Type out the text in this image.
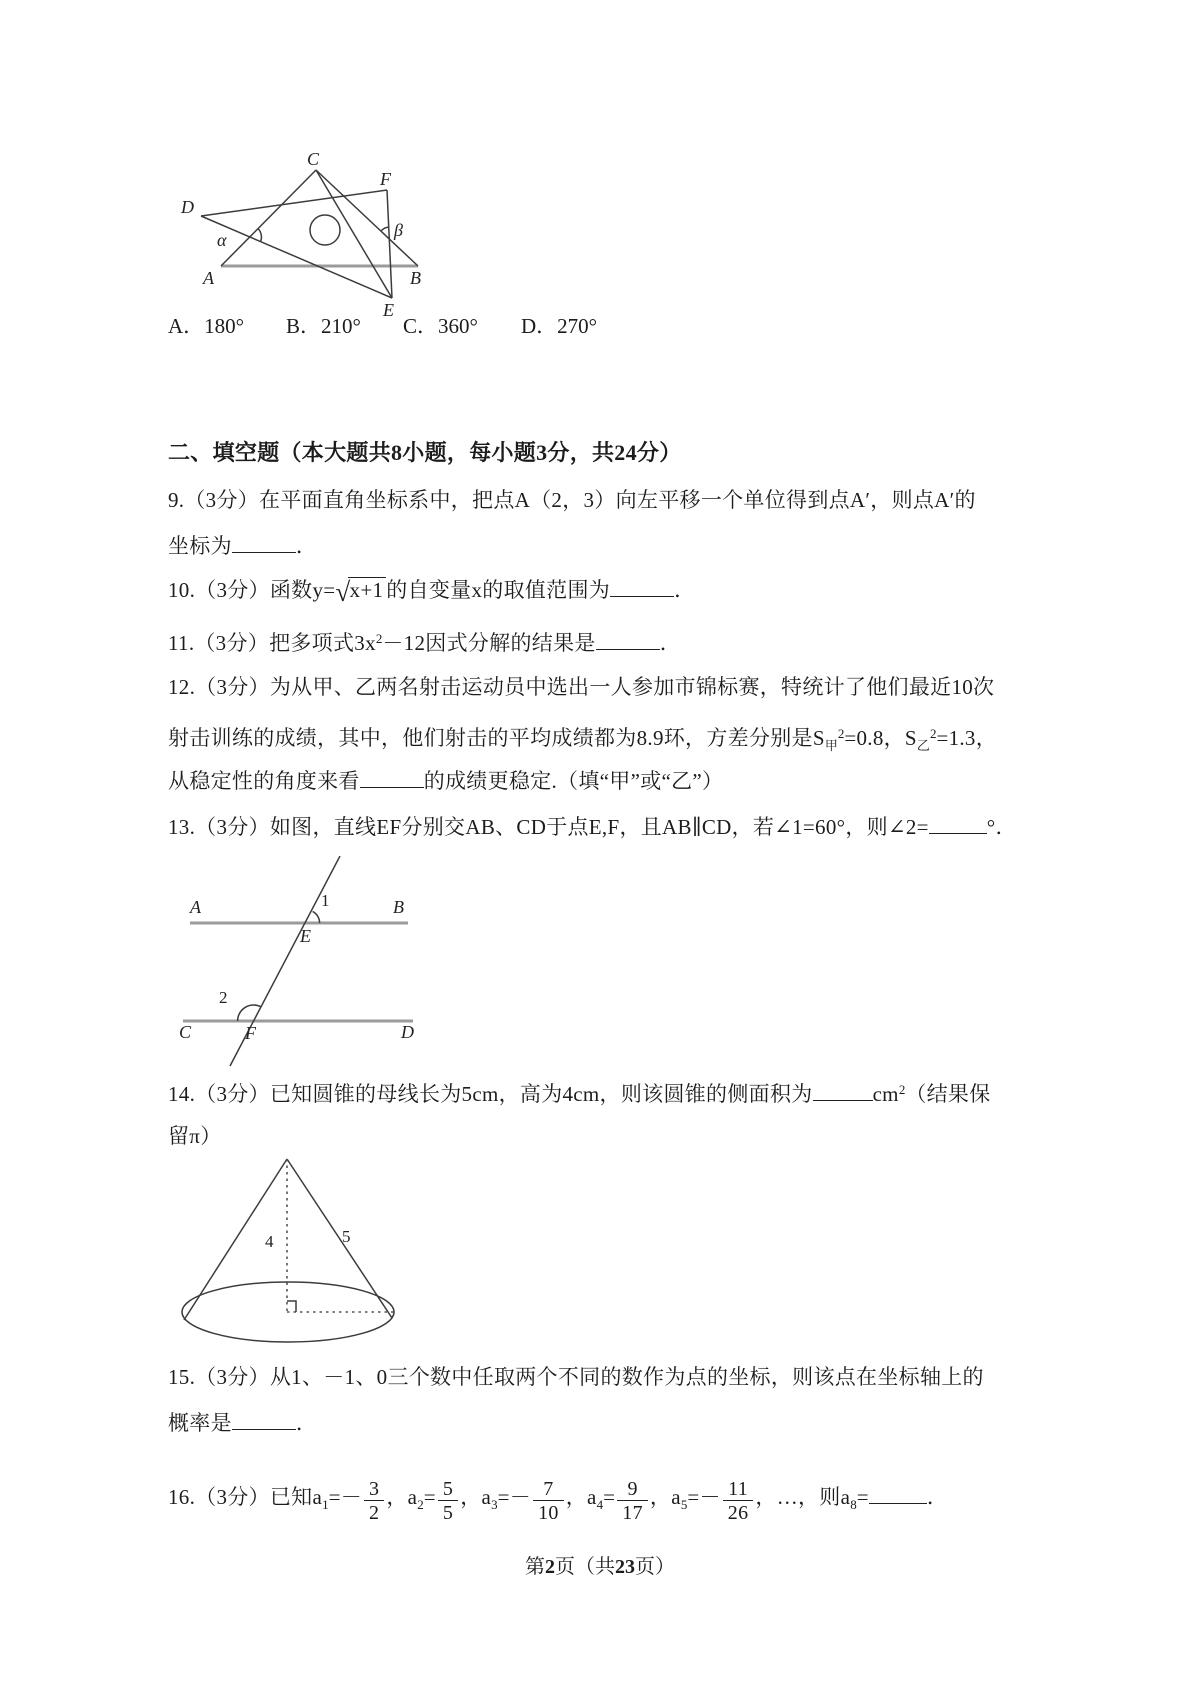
C
F
D
A	B
E
α	β
A．180° B．210° C．360° D．270°
二、填空题（本大题共8小题，每小题3分，共24分）
9.（3分）在平面直角坐标系中，把点A（2，3）向左平移一个单位得到点A′，则点A′的
坐标为	．
10.（3分）函数y=√x+1 的自变量x的取值范围为	．
11.（3分）把多项式$3x^2-12$因式分解的结果是	．
12.（3分）为从甲、乙两名射击运动员中选出一人参加市锦标赛，特统计了他们最近10次
射击训练的成绩，其中，他们射击的平均成绩都为8.9环，方差分别是$S_甲^2=0.8$，$S_乙^2=1.3$，
从稳定性的角度来看	的成绩更稳定.（填“甲”或“乙”）
13.（3分）如图，直线EF分别交AB、CD于点E,F，且AB∥CD，若∠1=60°，则∠2=	°．
A	B
E
C	D
F
1
2
14.（3分）已知圆锥的母线长为5cm，高为4cm，则该圆锥的侧面积为	$cm^2$（结果保
留π）
4	5
15.（3分）从1、－1、0三个数中任取两个不同的数作为点的坐标，则该点在坐标轴上的
概率是	．
16.（3分）已知$a_1=- \frac{3}{2}$ ，$a_2= \frac{5}{5}$ ，$a_3=- \frac{7}{10}$ ，$a_4= \frac{9}{17}$ ，$a_5=- \frac{11}{26}$ ，…，则$a_8=$	．
第2页（共23页）
